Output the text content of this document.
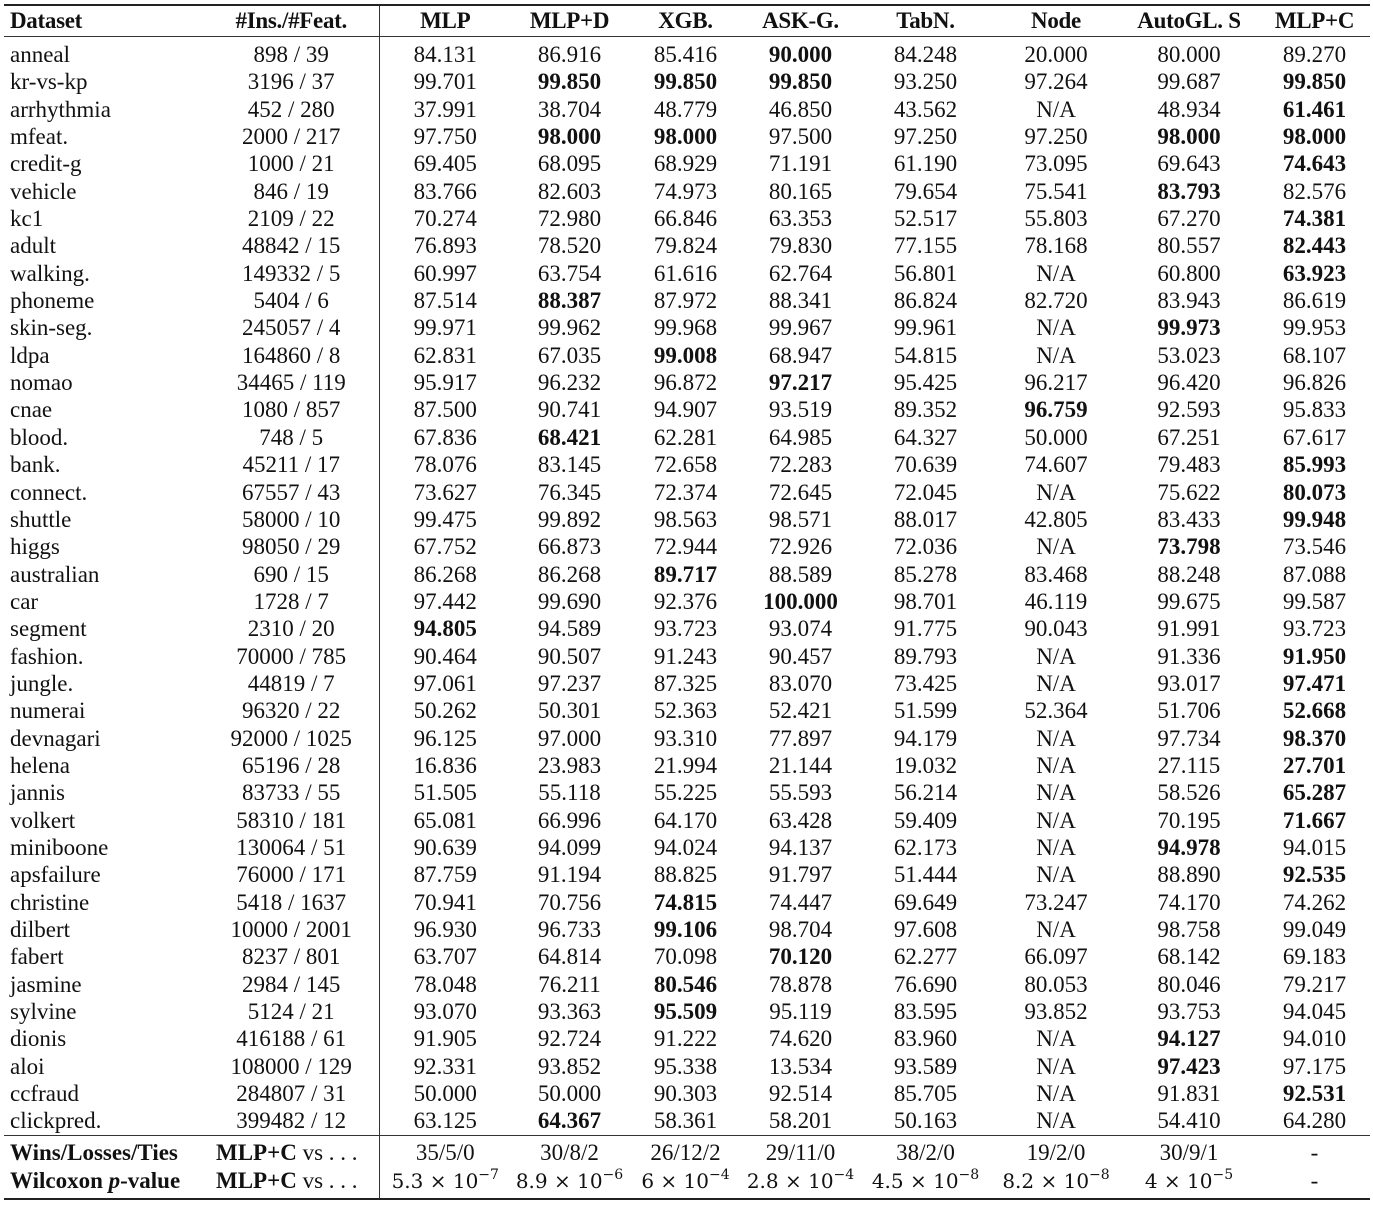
Dataset	#Ins./#Feat.	MLP	MLP+D	XGB.	ASK-G.	TabN.	Node	AutoGL. S	MLP+C
anneal	898 / 39	84.131	86.916	85.416	90.000	84.248	20.000	80.000	89.270
kr-vs-kp	3196 / 37	99.701	99.850	99.850	99.850	93.250	97.264	99.687	99.850
arrhythmia	452 / 280	37.991	38.704	48.779	46.850	43.562	N/A	48.934	61.461
mfeat.	2000 / 217	97.750	98.000	98.000	97.500	97.250	97.250	98.000	98.000
credit-g	1000 / 21	69.405	68.095	68.929	71.191	61.190	73.095	69.643	74.643
vehicle	846 / 19	83.766	82.603	74.973	80.165	79.654	75.541	83.793	82.576
kc1	2109 / 22	70.274	72.980	66.846	63.353	52.517	55.803	67.270	74.381
adult	48842 / 15	76.893	78.520	79.824	79.830	77.155	78.168	80.557	82.443
walking.	149332 / 5	60.997	63.754	61.616	62.764	56.801	N/A	60.800	63.923
phoneme	5404 / 6	87.514	88.387	87.972	88.341	86.824	82.720	83.943	86.619
skin-seg.	245057 / 4	99.971	99.962	99.968	99.967	99.961	N/A	99.973	99.953
ldpa	164860 / 8	62.831	67.035	99.008	68.947	54.815	N/A	53.023	68.107
nomao	34465 / 119	95.917	96.232	96.872	97.217	95.425	96.217	96.420	96.826
cnae	1080 / 857	87.500	90.741	94.907	93.519	89.352	96.759	92.593	95.833
blood.	748 / 5	67.836	68.421	62.281	64.985	64.327	50.000	67.251	67.617
bank.	45211 / 17	78.076	83.145	72.658	72.283	70.639	74.607	79.483	85.993
connect.	67557 / 43	73.627	76.345	72.374	72.645	72.045	N/A	75.622	80.073
shuttle	58000 / 10	99.475	99.892	98.563	98.571	88.017	42.805	83.433	99.948
higgs	98050 / 29	67.752	66.873	72.944	72.926	72.036	N/A	73.798	73.546
australian	690 / 15	86.268	86.268	89.717	88.589	85.278	83.468	88.248	87.088
car	1728 / 7	97.442	99.690	92.376	100.000	98.701	46.119	99.675	99.587
segment	2310 / 20	94.805	94.589	93.723	93.074	91.775	90.043	91.991	93.723
fashion.	70000 / 785	90.464	90.507	91.243	90.457	89.793	N/A	91.336	91.950
jungle.	44819 / 7	97.061	97.237	87.325	83.070	73.425	N/A	93.017	97.471
numerai	96320 / 22	50.262	50.301	52.363	52.421	51.599	52.364	51.706	52.668
devnagari	92000 / 1025	96.125	97.000	93.310	77.897	94.179	N/A	97.734	98.370
helena	65196 / 28	16.836	23.983	21.994	21.144	19.032	N/A	27.115	27.701
jannis	83733 / 55	51.505	55.118	55.225	55.593	56.214	N/A	58.526	65.287
volkert	58310 / 181	65.081	66.996	64.170	63.428	59.409	N/A	70.195	71.667
miniboone	130064 / 51	90.639	94.099	94.024	94.137	62.173	N/A	94.978	94.015
apsfailure	76000 / 171	87.759	91.194	88.825	91.797	51.444	N/A	88.890	92.535
christine	5418 / 1637	70.941	70.756	74.815	74.447	69.649	73.247	74.170	74.262
dilbert	10000 / 2001	96.930	96.733	99.106	98.704	97.608	N/A	98.758	99.049
fabert	8237 / 801	63.707	64.814	70.098	70.120	62.277	66.097	68.142	69.183
jasmine	2984 / 145	78.048	76.211	80.546	78.878	76.690	80.053	80.046	79.217
sylvine	5124 / 21	93.070	93.363	95.509	95.119	83.595	93.852	93.753	94.045
dionis	416188 / 61	91.905	92.724	91.222	74.620	83.960	N/A	94.127	94.010
aloi	108000 / 129	92.331	93.852	95.338	13.534	93.589	N/A	97.423	97.175
ccfraud	284807 / 31	50.000	50.000	90.303	92.514	85.705	N/A	91.831	92.531
clickpred.	399482 / 12	63.125	64.367	58.361	58.201	50.163	N/A	54.410	64.280
Wins/Losses/Ties	MLP+C vs . . .	35/5/0	30/8/2	26/12/2	29/11/0	38/2/0	19/2/0	30/9/1	-
Wilcoxon p-value	MLP+C vs . . .	$5.3 \times 10^{-7}$	$8.9 \times 10^{-6}$	$6 \times 10^{-4}$	$2.8 \times 10^{-4}$	$4.5 \times 10^{-8}$	$8.2 \times 10^{-8}$	$4 \times 10^{-5}$	-
